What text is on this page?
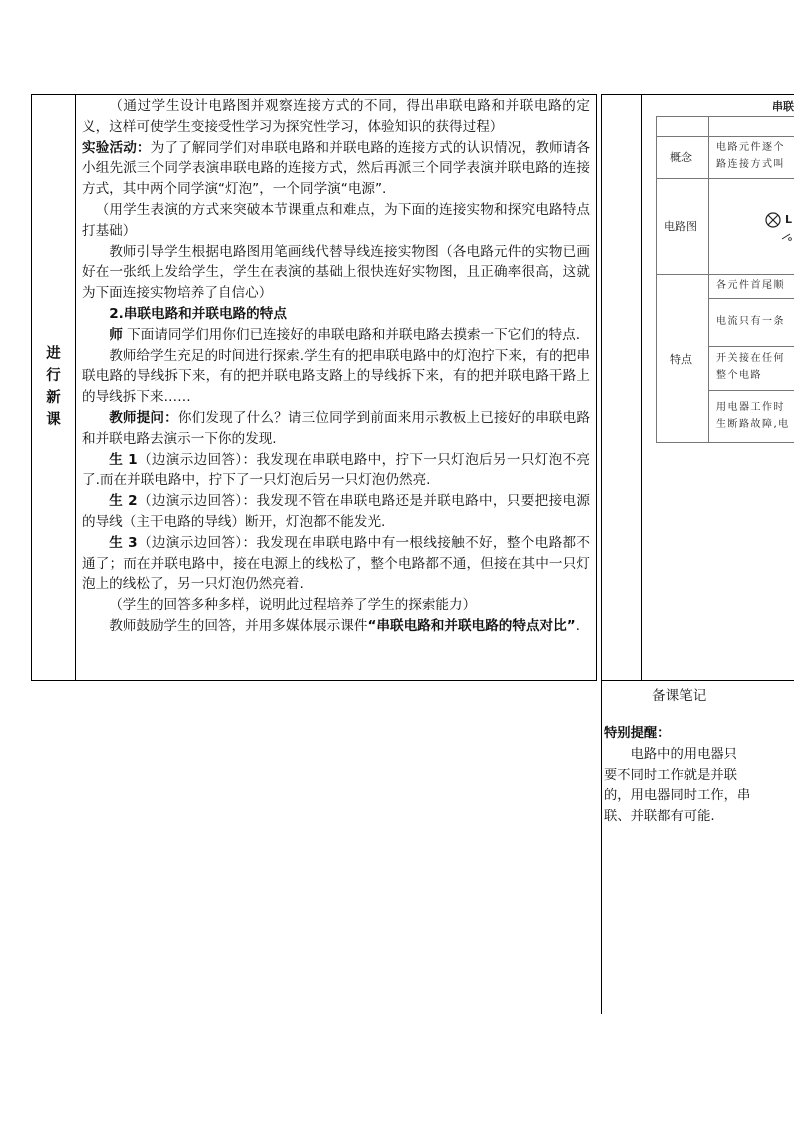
进行新课

（通过学生设计电路图并观察连接方式的不同，得出串联电路和并联电路的定义，这样可使学生变接受性学习为探究性学习，体验知识的获得过程）

实验活动：为了了解同学们对串联电路和并联电路的连接方式的认识情况，教师请各小组先派三个同学表演串联电路的连接方式，然后再派三个同学表演并联电路的连接方式，其中两个同学演“灯泡”，一个同学演“电源”.

（用学生表演的方式来突破本节课重点和难点，为下面的连接实物和探究电路特点打基础）

教师引导学生根据电路图用笔画线代替导线连接实物图（各电路元件的实物已画好在一张纸上发给学生，学生在表演的基础上很快连好实物图，且正确率很高，这就为下面连接实物培养了自信心）

2.串联电路和并联电路的特点

师 下面请同学们用你们已连接好的串联电路和并联电路去摸索一下它们的特点.

教师给学生充足的时间进行探索.学生有的把串联电路中的灯泡拧下来，有的把串联电路的导线拆下来，有的把并联电路支路上的导线拆下来，有的把并联电路干路上的导线拆下来……

教师提问：你们发现了什么？请三位同学到前面来用示教板上已接好的串联电路和并联电路去演示一下你的发现.

生 1（边演示边回答）：我发现在串联电路中，拧下一只灯泡后另一只灯泡不亮了.而在并联电路中，拧下了一只灯泡后另一只灯泡仍然亮.

生 2（边演示边回答）：我发现不管在串联电路还是并联电路中，只要把接电源的导线（主干电路的导线）断开，灯泡都不能发光.

生 3（边演示边回答）：我发现在串联电路中有一根线接触不好，整个电路都不通了；而在并联电路中，接在电源上的线松了，整个电路都不通，但接在其中一只灯泡上的线松了，另一只灯泡仍然亮着.

（学生的回答多种多样，说明此过程培养了学生的探索能力）

教师鼓励学生的回答，并用多媒体展示课件“串联电路和并联电路的特点对比”.

串联
概念
电路元件逐个
路连接方式叫
电路图
L
特点
各元件首尾顺
电流只有一条
开关接在任何
整个电路
用电器工作时
生断路故障,电
备课笔记

特别提醒：

电路中的用电器只

要不同时工作就是并联

的，用电器同时工作，串

联、并联都有可能.
